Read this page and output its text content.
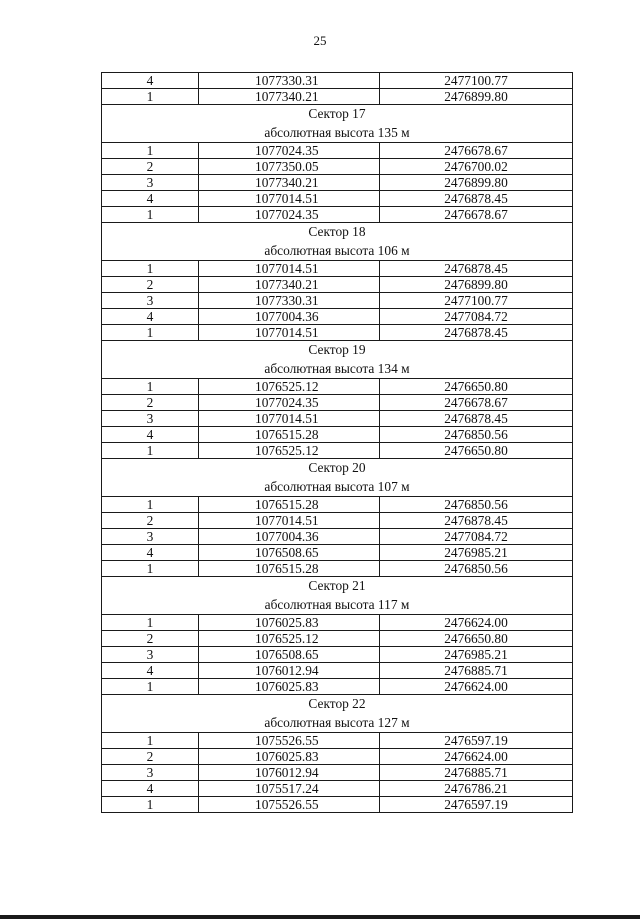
25
4	1077330.31	2477100.77
1	1077340.21	2476899.80

Сектор 17
абсолютная высота 135 м		

1	1077024.35	2476678.67
2	1077350.05	2476700.02
3	1077340.21	2476899.80
4	1077014.51	2476878.45
1	1077024.35	2476678.67

Сектор 18
абсолютная высота 106 м		

1	1077014.51	2476878.45
2	1077340.21	2476899.80
3	1077330.31	2477100.77
4	1077004.36	2477084.72
1	1077014.51	2476878.45

Сектор 19
абсолютная высота 134 м		

1	1076525.12	2476650.80
2	1077024.35	2476678.67
3	1077014.51	2476878.45
4	1076515.28	2476850.56
1	1076525.12	2476650.80

Сектор 20
абсолютная высота 107 м		

1	1076515.28	2476850.56
2	1077014.51	2476878.45
3	1077004.36	2477084.72
4	1076508.65	2476985.21
1	1076515.28	2476850.56

Сектор 21
абсолютная высота 117 м		

1	1076025.83	2476624.00
2	1076525.12	2476650.80
3	1076508.65	2476985.21
4	1076012.94	2476885.71
1	1076025.83	2476624.00

Сектор 22
абсолютная высота 127 м		

1	1075526.55	2476597.19
2	1076025.83	2476624.00
3	1076012.94	2476885.71
4	1075517.24	2476786.21
1	1075526.55	2476597.19
